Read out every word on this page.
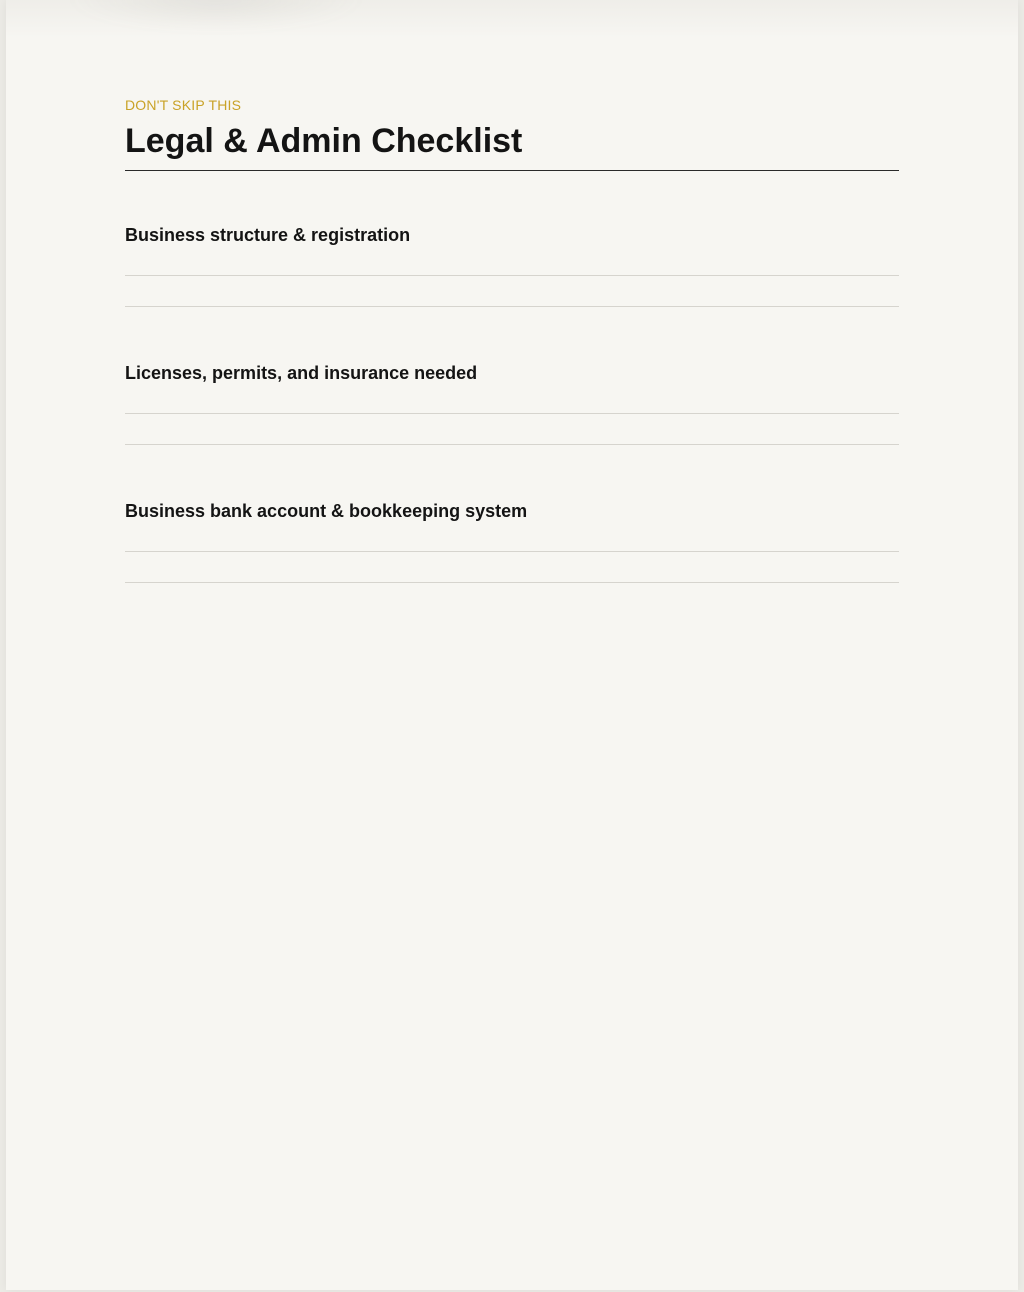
DON'T SKIP THIS
Legal & Admin Checklist
Business structure & registration
Licenses, permits, and insurance needed
Business bank account & bookkeeping system
